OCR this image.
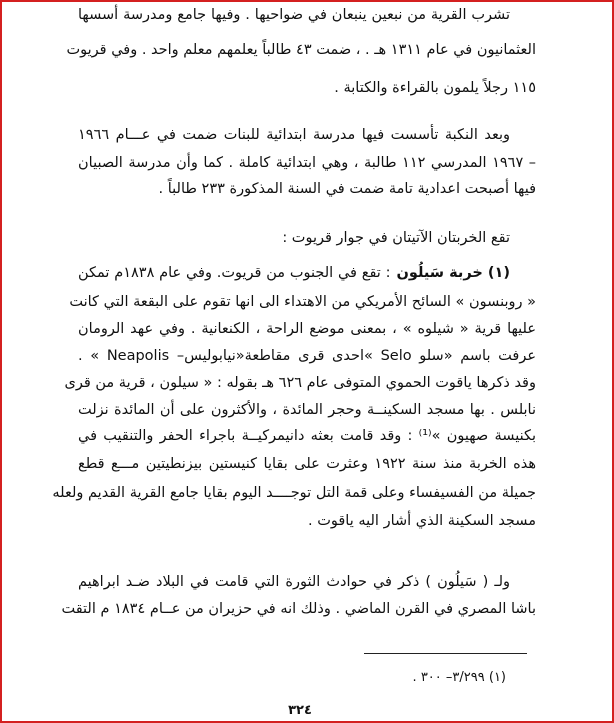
تشرب القرية من نبعين ينبعان في ضواحيها . وفيها جامع ومدرسة أسسها
العثمانيون في عام ١٣١١ هـ . ، ضمت ٤٣ طالباً يعلمهم معلم واحد . وفي قريوت
١١٥ رجلاً يلمون بالقراءة والكتابة .
وبعد النكبة تأسست فيها مدرسة ابتدائية للبنات ضمت في عـــام ١٩٦٦
– ١٩٦٧ المدرسي ١١٢ طالبة ، وهي ابتدائية كاملة . كما وأن مدرسة الصبيان
فيها أصبحت اعدادية تامة ضمت في السنة المذكورة ٢٣٣ طالباً .
تقع الخربتان الآتيتان في جوار قريوت :
(١) خربة سَيلُون
: تقع في الجنوب من قريوت. وفي عام ١٨٣٨م تمكن
« روبنسون » السائح الأمريكي من الاهتداء الى انها تقوم على البقعة التي كانت
عليها قرية « شيلوه » ، بمعنى موضع الراحة ، الكنعانية . وفي عهد الرومان
عرفت باسم «سلو Selo »احدى قرى مقاطعة«نيابوليس– Neapolis » .
وقد ذكرها ياقوت الحموي المتوفى عام ٦٢٦ هـ بقوله : « سيلون ، قرية من قرى
نابلس . بها مسجد السكينــة وحجر المائدة ، والأكثرون على أن المائدة نزلت
بكنيسة صهيون »⁽¹⁾ : وقد قامت بعثه دانيمركيــة باجراء الحفر والتنقيب في
هذه الخربة منذ سنة ١٩٢٢ وعثرت على بقايا كنيستين بيزنطيتين مـــع قطع
جميلة من الفسيفساء وعلى قمة التل توجــــد اليوم بقايا جامع القرية القديم ولعله
مسجد السكينة الذي أشار اليه ياقوت .
ولـ ( سَيلُون ) ذكر في حوادث الثورة التي قامت في البلاد ضـد ابراهيم
باشا المصري في القرن الماضي . وذلك انه في حزيران من عــام ١٨٣٤ م التقت
(١) ٣/٢٩٩– ٣٠٠ .
٣٢٤
